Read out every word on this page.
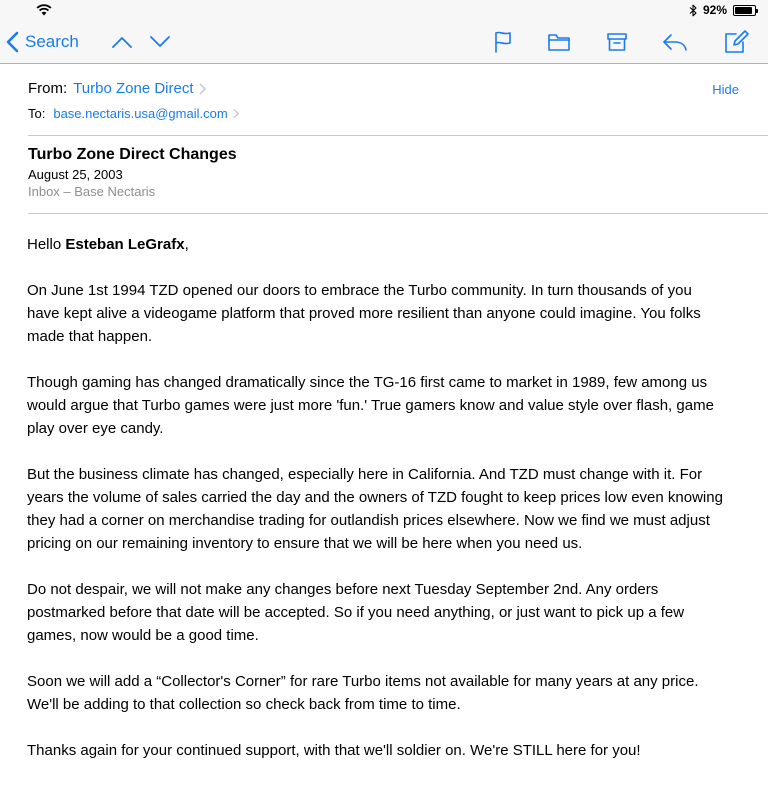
92%
Search
From: Turbo Zone Direct	Hide
To: base.nectaris.usa@gmail.com
Turbo Zone Direct Changes
August 25, 2003
Inbox – Base Nectaris

Hello Esteban LeGrafx,

On June 1st 1994 TZD opened our doors to embrace the Turbo community. In turn thousands of you have kept alive a videogame platform that proved more resilient than anyone could imagine. You folks made that happen.

Though gaming has changed dramatically since the TG-16 first came to market in 1989, few among us would argue that Turbo games were just more 'fun.' True gamers know and value style over flash, game play over eye candy.

But the business climate has changed, especially here in California. And TZD must change with it. For years the volume of sales carried the day and the owners of TZD fought to keep prices low even knowing they had a corner on merchandise trading for outlandish prices elsewhere. Now we find we must adjust pricing on our remaining inventory to ensure that we will be here when you need us.

Do not despair, we will not make any changes before next Tuesday September 2nd. Any orders postmarked before that date will be accepted. So if you need anything, or just want to pick up a few games, now would be a good time.

Soon we will add a “Collector's Corner” for rare Turbo items not available for many years at any price. We'll be adding to that collection so check back from time to time.

Thanks again for your continued support, with that we'll soldier on. We're STILL here for you!
